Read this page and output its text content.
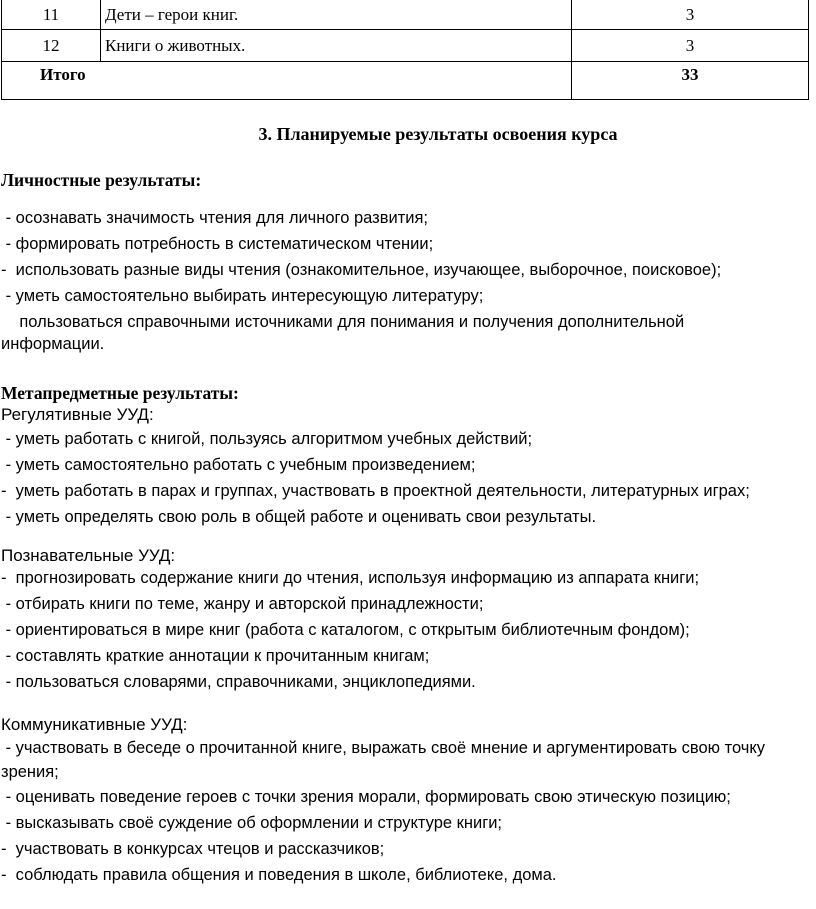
11	Дети – герои книг.	3
12	Книги о животных.	3
Итого		33
3. Планируемые результаты освоения курса
Личностные результаты:
- осознавать значимость чтения для личного развития;
- формировать потребность в систематическом чтении;
-  использовать разные виды чтения (ознакомительное, изучающее, выборочное, поисковое);
- уметь самостоятельно выбирать интересующую литературу;
пользоваться справочными источниками для понимания и получения дополнительной информации.
Метапредметные результаты:
Регулятивные УУД:
- уметь работать с книгой, пользуясь алгоритмом учебных действий;
- уметь самостоятельно работать с учебным произведением;
-  уметь работать в парах и группах, участвовать в проектной деятельности, литературных играх;
- уметь определять свою роль в общей работе и оценивать свои результаты.
Познавательные УУД:
-  прогнозировать содержание книги до чтения, используя информацию из аппарата книги;
- отбирать книги по теме, жанру и авторской принадлежности;
- ориентироваться в мире книг (работа с каталогом, с открытым библиотечным фондом);
- составлять краткие аннотации к прочитанным книгам;
- пользоваться словарями, справочниками, энциклопедиями.
Коммуникативные УУД:
- участвовать в беседе о прочитанной книге, выражать своё мнение и аргументировать свою точку зрения;
- оценивать поведение героев с точки зрения морали, формировать свою этическую позицию;
- высказывать своё суждение об оформлении и структуре книги;
-  участвовать в конкурсах чтецов и рассказчиков;
-  соблюдать правила общения и поведения в школе, библиотеке, дома.
